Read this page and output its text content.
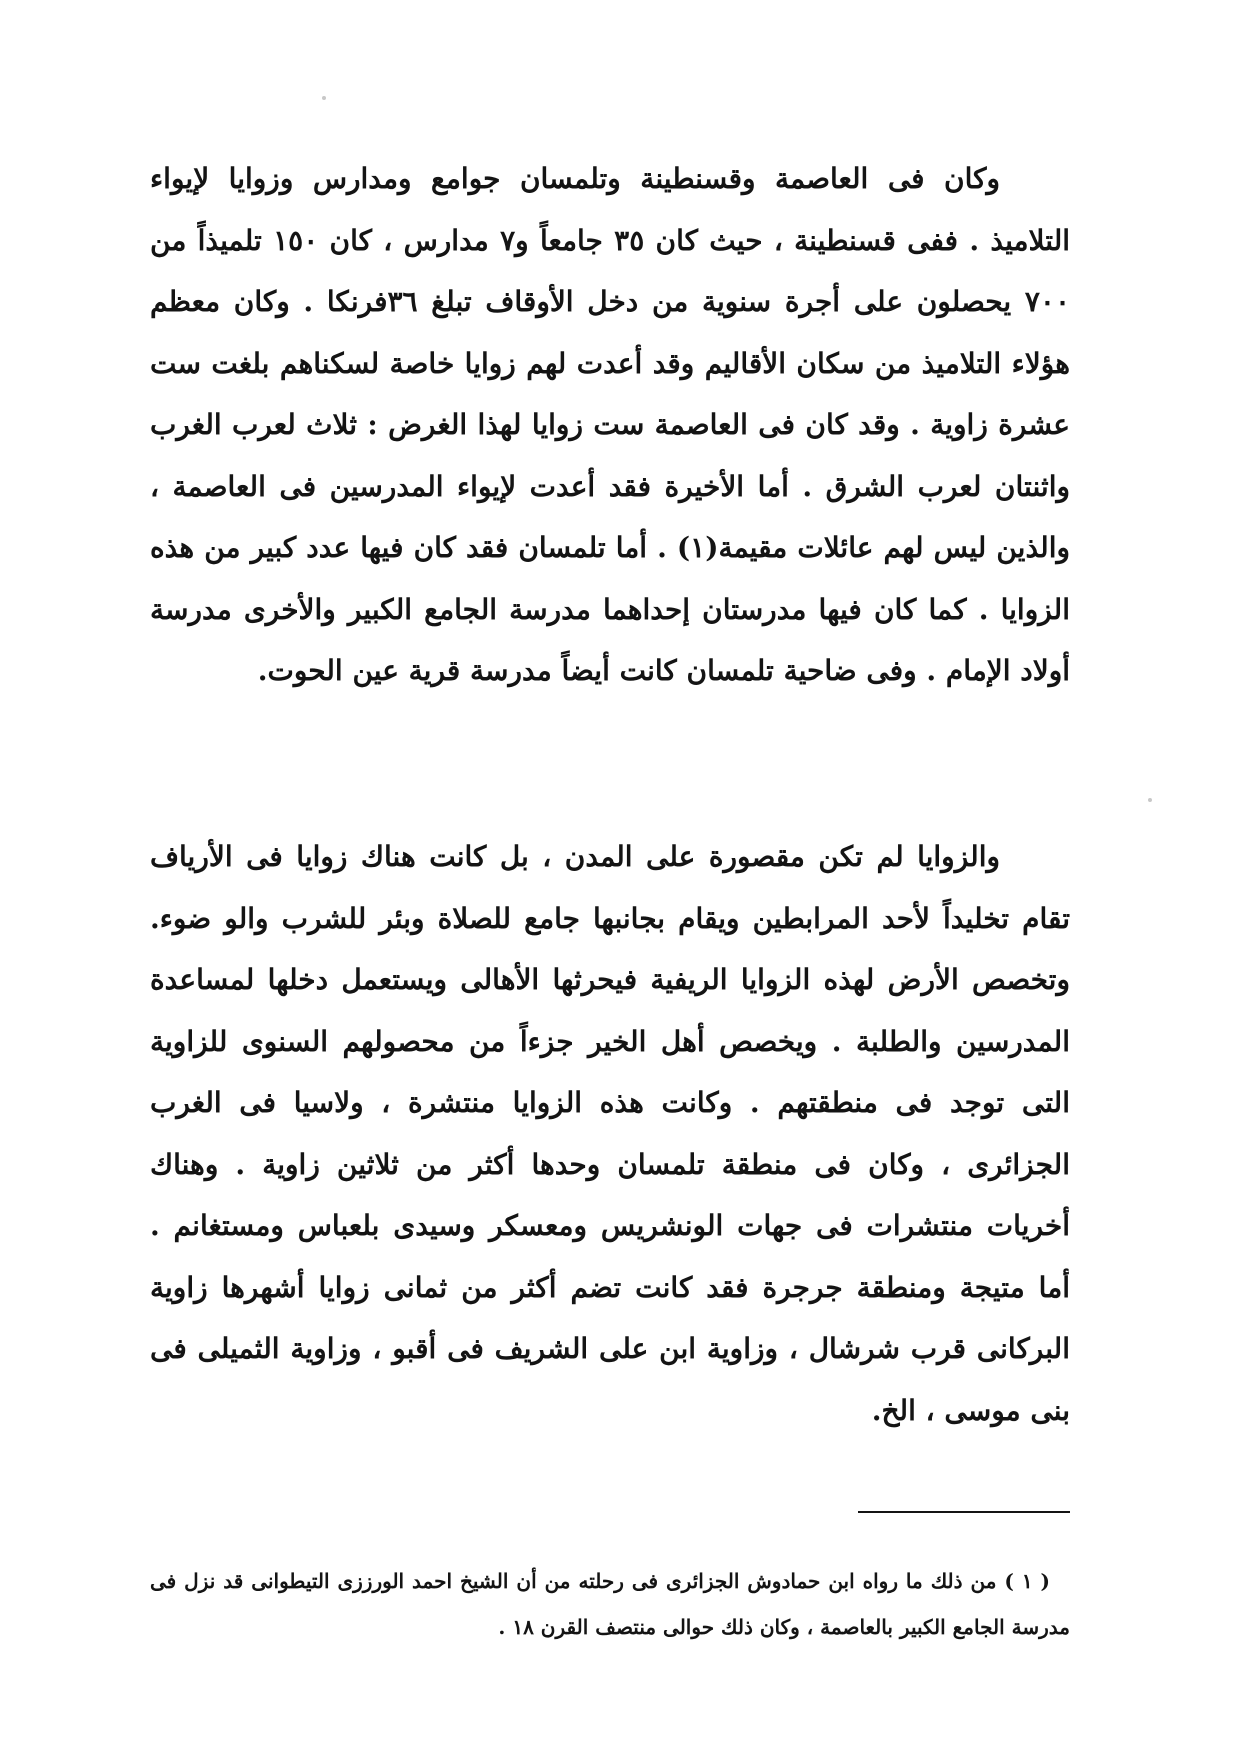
وكان فى العاصمة وقسنطينة وتلمسان جوامع ومدارس وزوايا لإيواء التلاميذ . ففى قسنطينة ، حيث كان ٣٥ جامعاً و٧ مدارس ، كان ١٥٠ تلميذاً من ٧٠٠ يحصلون على أجرة سنوية من دخل الأوقاف تبلغ ٣٦فرنكا . وكان معظم هؤلاء التلاميذ من سكان الأقاليم وقد أعدت لهم زوايا خاصة لسكناهم بلغت ست عشرة زاوية . وقد كان فى العاصمة ست زوايا لهذا الغرض : ثلاث لعرب الغرب واثنتان لعرب الشرق . أما الأخيرة فقد أعدت لإيواء المدرسين فى العاصمة ، والذين ليس لهم عائلات مقيمة(١) . أما تلمسان فقد كان فيها عدد كبير من هذه الزوايا . كما كان فيها مدرستان إحداهما مدرسة الجامع الكبير والأخرى مدرسة أولاد الإمام . وفى ضاحية تلمسان كانت أيضاً مدرسة قرية عين الحوت.

والزوايا لم تكن مقصورة على المدن ، بل كانت هناك زوايا فى الأرياف تقام تخليداً لأحد المرابطين ويقام بجانبها جامع للصلاة وبئر للشرب والو ضوء. وتخصص الأرض لهذه الزوايا الريفية فيحرثها الأهالى ويستعمل دخلها لمساعدة المدرسين والطلبة . ويخصص أهل الخير جزءاً من محصولهم السنوى للزاوية التى توجد فى منطقتهم . وكانت هذه الزوايا منتشرة ، ولاسيا فى الغرب الجزائرى ، وكان فى منطقة تلمسان وحدها أكثر من ثلاثين زاوية . وهناك أخريات منتشرات فى جهات الونشريس ومعسكر وسيدى بلعباس ومستغانم . أما متيجة ومنطقة جرجرة فقد كانت تضم أكثر من ثمانى زوايا أشهرها زاوية البركانى قرب شرشال ، وزاوية ابن على الشريف فى أقبو ، وزاوية الثميلى فى بنى موسى ، الخ.

( ١ ) من ذلك ما رواه ابن حمادوش الجزائرى فى رحلته من أن الشيخ احمد الورززى التيطوانى قد نزل فى مدرسة الجامع الكبير بالعاصمة ، وكان ذلك حوالى منتصف القرن ١٨ .
